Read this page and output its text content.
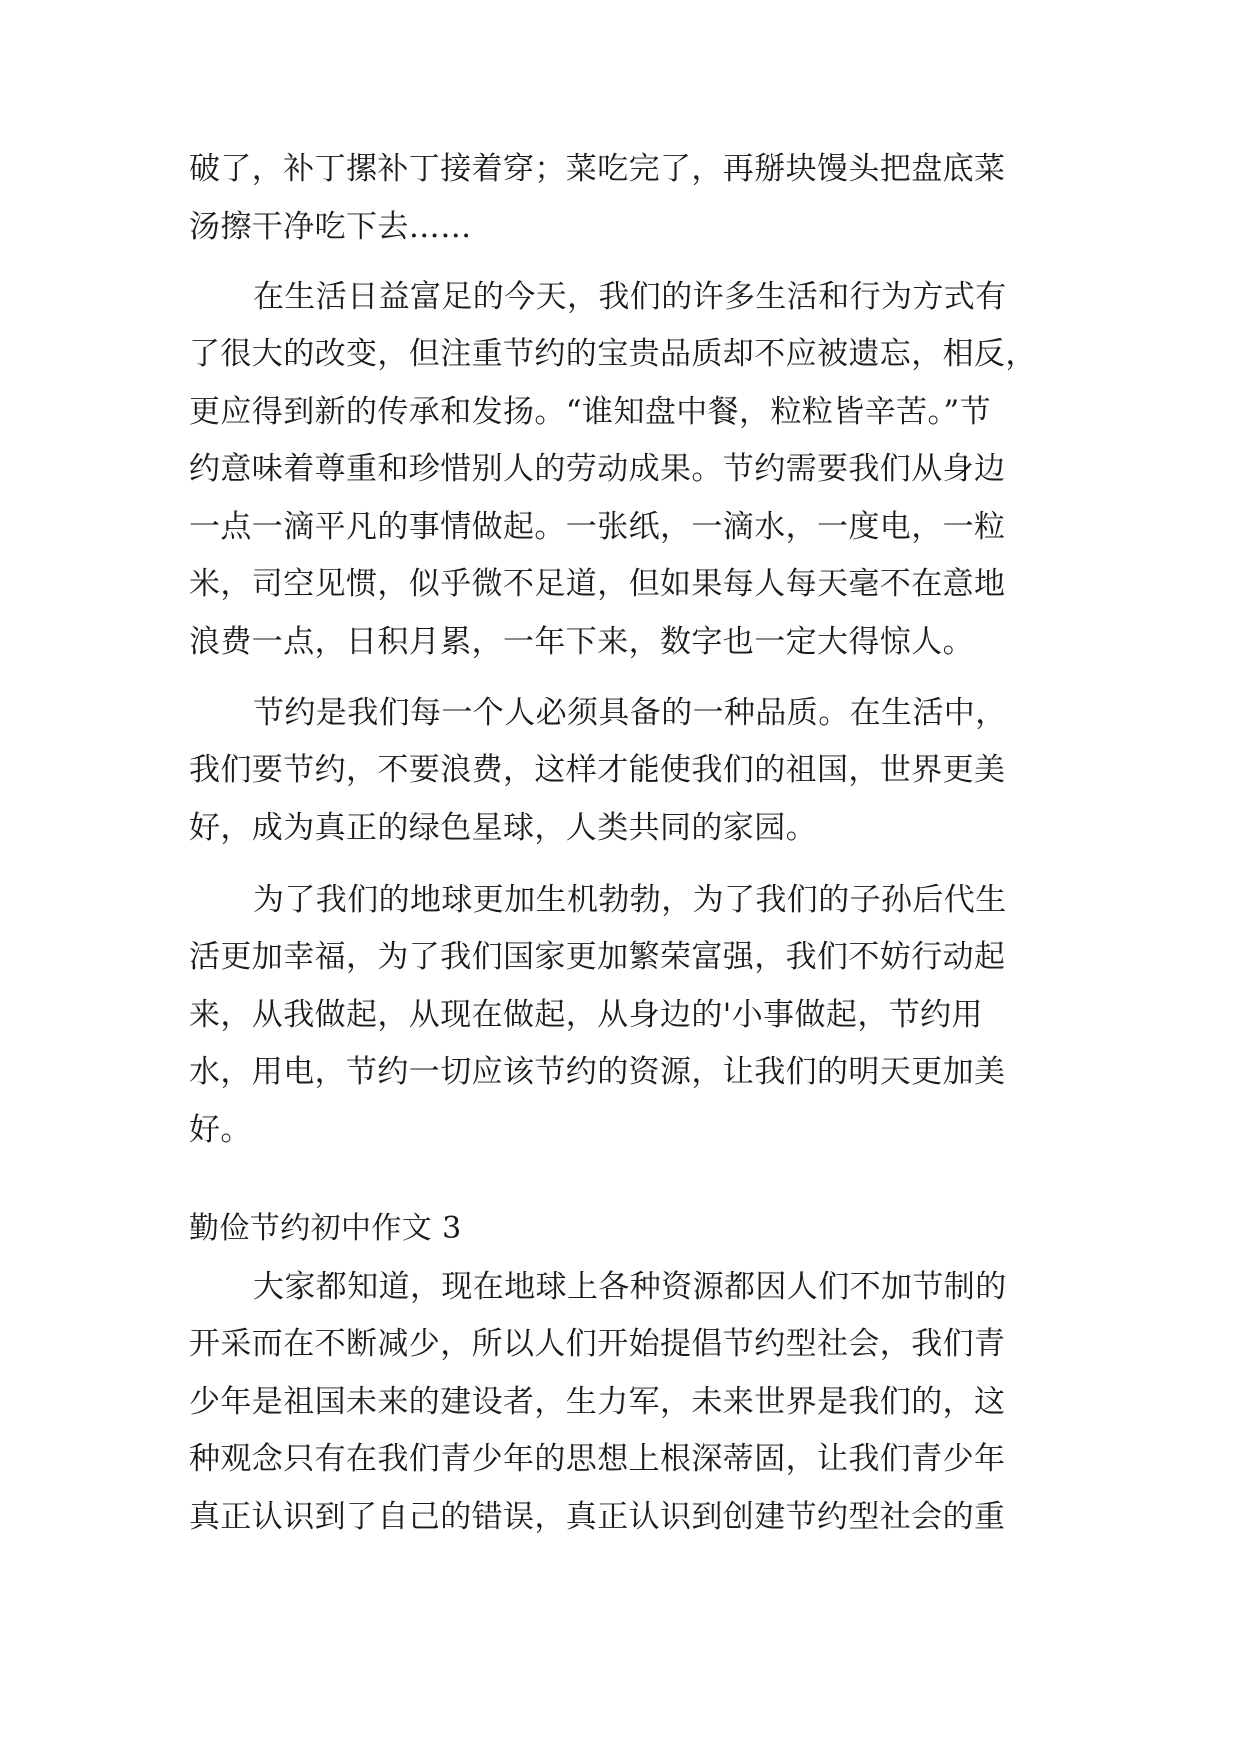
破了，补丁摞补丁接着穿；菜吃完了，再掰块馒头把盘底菜
汤擦干净吃下去……
在生活日益富足的今天，我们的许多生活和行为方式有
了很大的改变，但注重节约的宝贵品质却不应被遗忘，相反，
更应得到新的传承和发扬。“谁知盘中餐，粒粒皆辛苦。”节
约意味着尊重和珍惜别人的劳动成果。节约需要我们从身边
一点一滴平凡的事情做起。一张纸，一滴水，一度电，一粒
米，司空见惯，似乎微不足道，但如果每人每天毫不在意地
浪费一点，日积月累，一年下来，数字也一定大得惊人。
节约是我们每一个人必须具备的一种品质。在生活中，
我们要节约，不要浪费，这样才能使我们的祖国，世界更美
好，成为真正的绿色星球，人类共同的家园。
为了我们的地球更加生机勃勃，为了我们的子孙后代生
活更加幸福，为了我们国家更加繁荣富强，我们不妨行动起
来，从我做起，从现在做起，从身边的'小事做起，节约用
水，用电，节约一切应该节约的资源，让我们的明天更加美
好。
勤俭节约初中作文 3
大家都知道，现在地球上各种资源都因人们不加节制的
开采而在不断减少，所以人们开始提倡节约型社会，我们青
少年是祖国未来的建设者，生力军，未来世界是我们的，这
种观念只有在我们青少年的思想上根深蒂固，让我们青少年
真正认识到了自己的错误，真正认识到创建节约型社会的重
